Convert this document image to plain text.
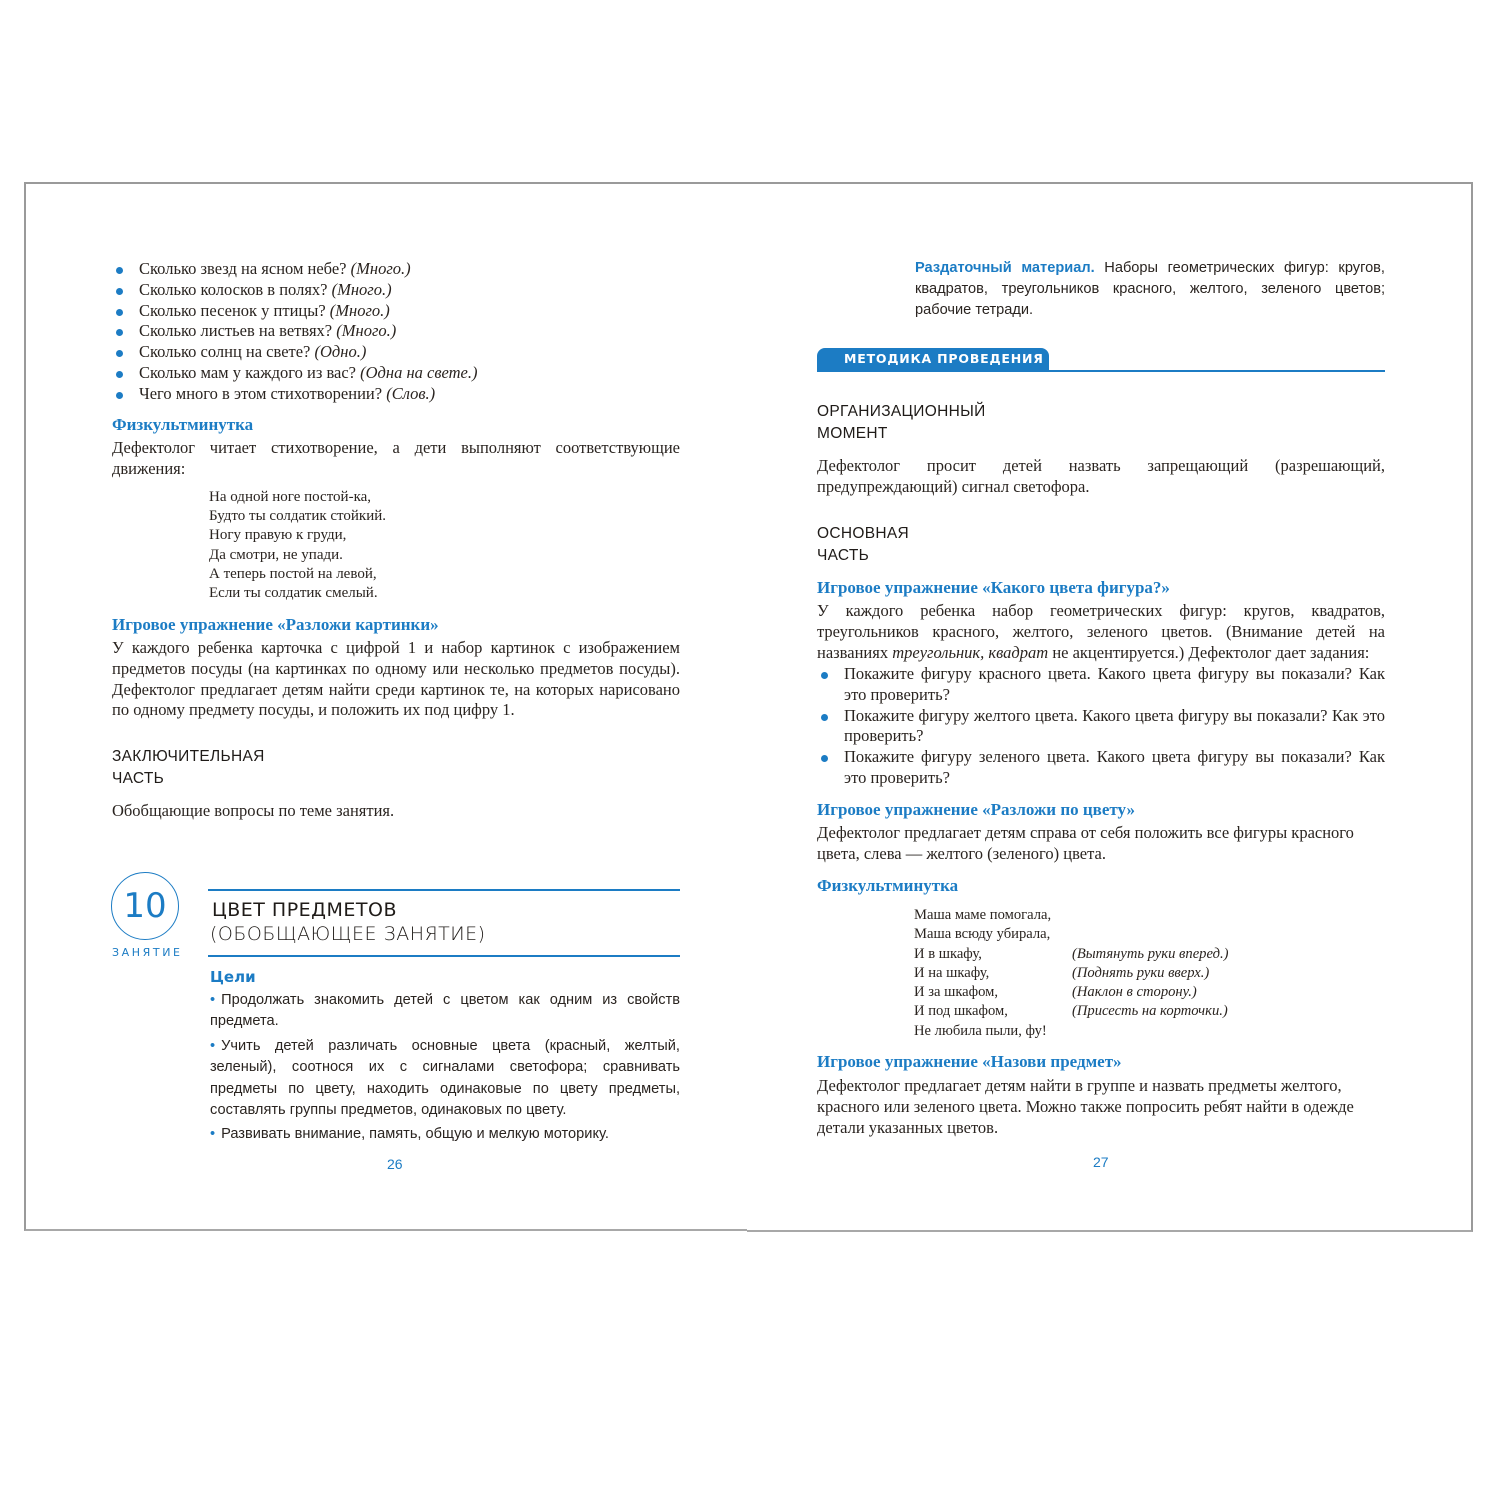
Сколько звезд на ясном небе? (Много.)
Сколько колосков в полях? (Много.)
Сколько песенок у птицы? (Много.)
Сколько листьев на ветвях? (Много.)
Сколько солнц на свете? (Одно.)
Сколько мам у каждого из вас? (Одна на свете.)
Чего много в этом стихотворении? (Слов.)
Физкультминутка
Дефектолог читает стихотворение, а дети выполняют соответствующие движения:
На одной ноге постой-ка,
Будто ты солдатик стойкий.
Ногу правую к груди,
Да смотри, не упади.
А теперь постой на левой,
Если ты солдатик смелый.
Игровое упражнение «Разложи картинки»
У каждого ребенка карточка с цифрой 1 и набор картинок с изображением предметов посуды (на картинках по одному или несколько предметов посуды). Дефектолог предлагает детям найти среди картинок те, на которых нарисовано по одному предмету посуды, и положить их под цифру 1.
ЗАКЛЮЧИТЕЛЬНАЯ
ЧАСТЬ
Обобщающие вопросы по теме занятия.
10
ЗАНЯТИЕ
ЦВЕТ ПРЕДМЕТОВ
(ОБОБЩАЮЩЕЕ ЗАНЯТИЕ)
Цели

• Продолжать знакомить детей с цветом как одним из свойств предмета.

• Учить детей различать основные цвета (красный, желтый, зеленый), соотнося их с сигналами светофора; сравнивать предметы по цвету, находить одинаковые по цвету предметы, составлять группы предметов, одинаковых по цвету.

• Развивать внимание, память, общую и мелкую моторику.

26
Раздаточный материал. Наборы геометрических фигур: кругов, квадратов, треугольников красного, желтого, зеленого цветов; рабочие тетради.
МЕТОДИКА ПРОВЕДЕНИЯ
ОРГАНИЗАЦИОННЫЙ
МОМЕНТ
Дефектолог просит детей назвать запрещающий (разрешающий, предупреждающий) сигнал светофора.
ОСНОВНАЯ
ЧАСТЬ
Игровое упражнение «Какого цвета фигура?»
У каждого ребенка набор геометрических фигур: кругов, квадратов, треугольников красного, желтого, зеленого цветов. (Внимание детей на названиях треугольник, квадрат не акцентируется.) Дефектолог дает задания:
Покажите фигуру красного цвета. Какого цвета фигуру вы показали? Как это проверить?
Покажите фигуру желтого цвета. Какого цвета фигуру вы показали? Как это проверить?
Покажите фигуру зеленого цвета. Какого цвета фигуру вы показали? Как это проверить?
Игровое упражнение «Разложи по цвету»
Дефектолог предлагает детям справа от себя положить все фигуры красного цвета, слева — желтого (зеленого) цвета.
Физкультминутка
Маша маме помогала,
Маша всюду убирала,
И в шкафу,	(Вытянуть руки вперед.)
И на шкафу,	(Поднять руки вверх.)
И за шкафом,	(Наклон в сторону.)
И под шкафом,	(Присесть на корточки.)
Не любила пыли, фу!
Игровое упражнение «Назови предмет»
Дефектолог предлагает детям найти в группе и назвать предметы желтого, красного или зеленого цвета. Можно также попросить ребят найти в одежде детали указанных цветов.
27
